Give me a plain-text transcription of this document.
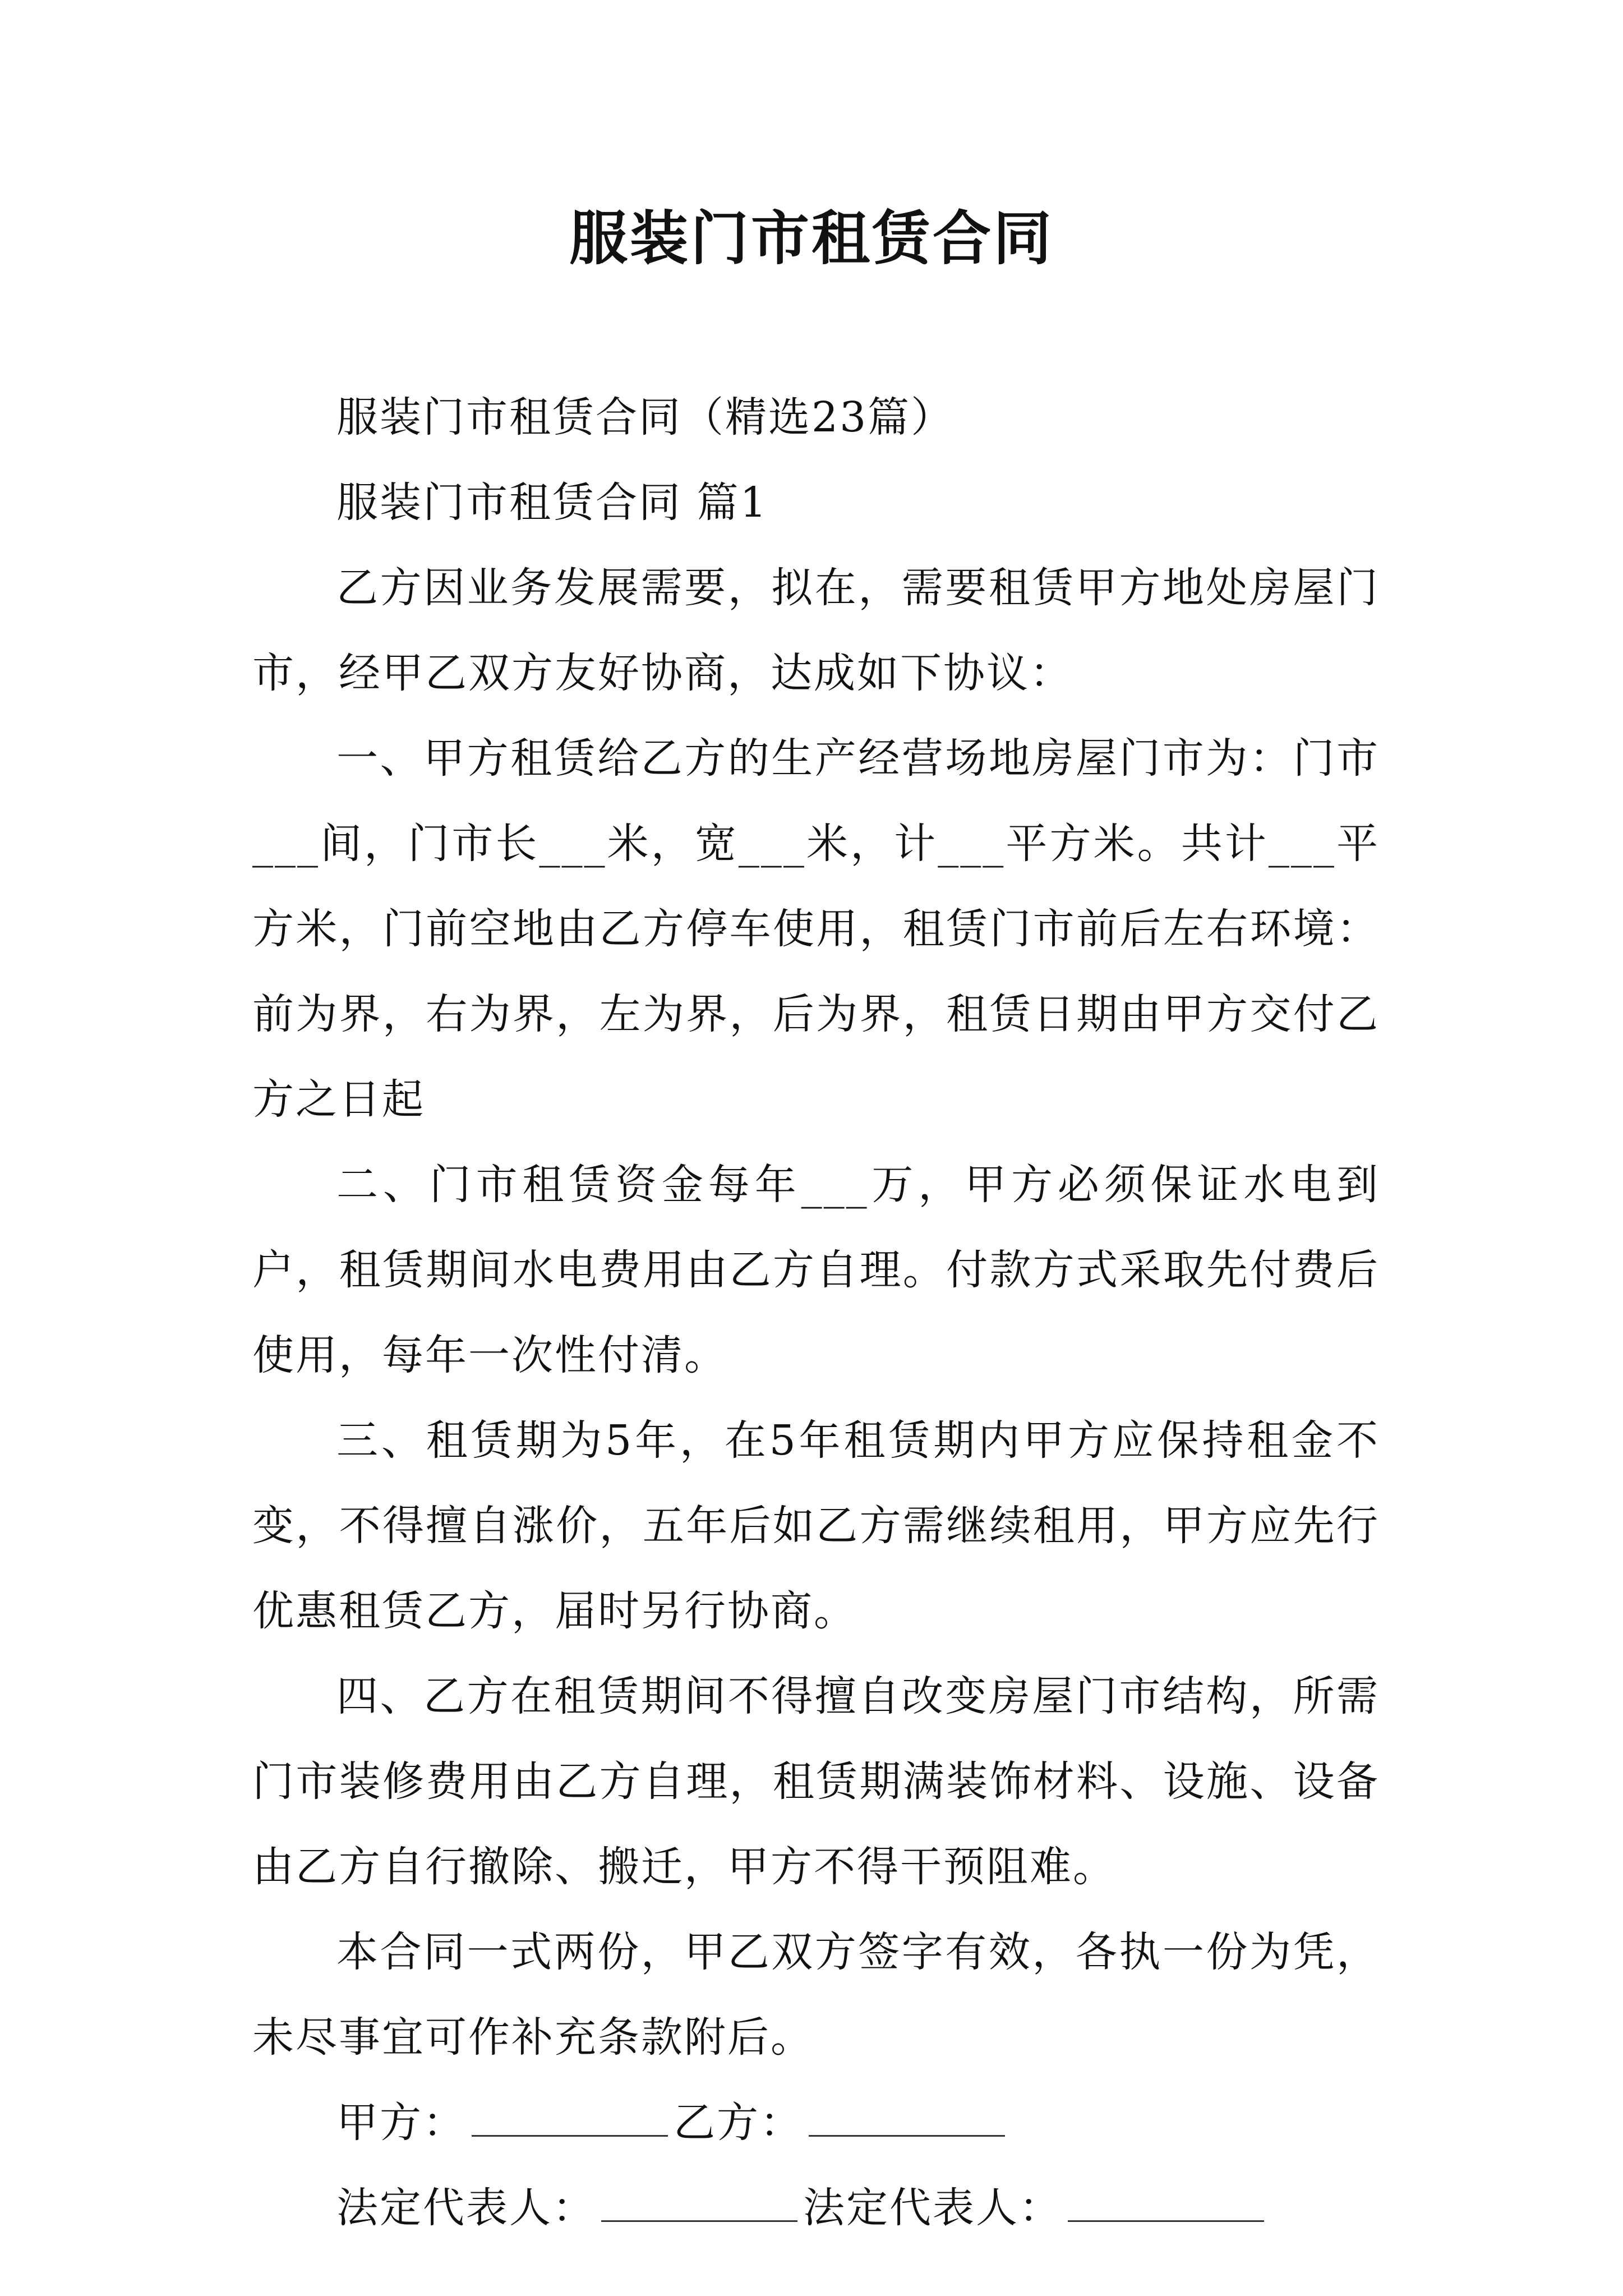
服装门市租赁合同

服装门市租赁合同（精选23篇）

服装门市租赁合同 篇1

乙方因业务发展需要，拟在，需要租赁甲方地处房屋门市，经甲乙双方友好协商，达成如下协议：

一、甲方租赁给乙方的生产经营场地房屋门市为：门市___间，门市长___米，宽___米，计___平方米。共计___平方米，门前空地由乙方停车使用，租赁门市前后左右环境：前为界，右为界，左为界，后为界，租赁日期由甲方交付乙方之日起

二、门市租赁资金每年___万，甲方必须保证水电到户，租赁期间水电费用由乙方自理。付款方式采取先付费后使用，每年一次性付清。

三、租赁期为5年，在5年租赁期内甲方应保持租金不变，不得擅自涨价，五年后如乙方需继续租用，甲方应先行优惠租赁乙方，届时另行协商。

四、乙方在租赁期间不得擅自改变房屋门市结构，所需门市装修费用由乙方自理，租赁期满装饰材料、设施、设备由乙方自行撤除、搬迁，甲方不得干预阻难。

本合同一式两份，甲乙双方签字有效，各执一份为凭，未尽事宜可作补充条款附后。

甲方：	乙方：
法定代表人：	法定代表人：
